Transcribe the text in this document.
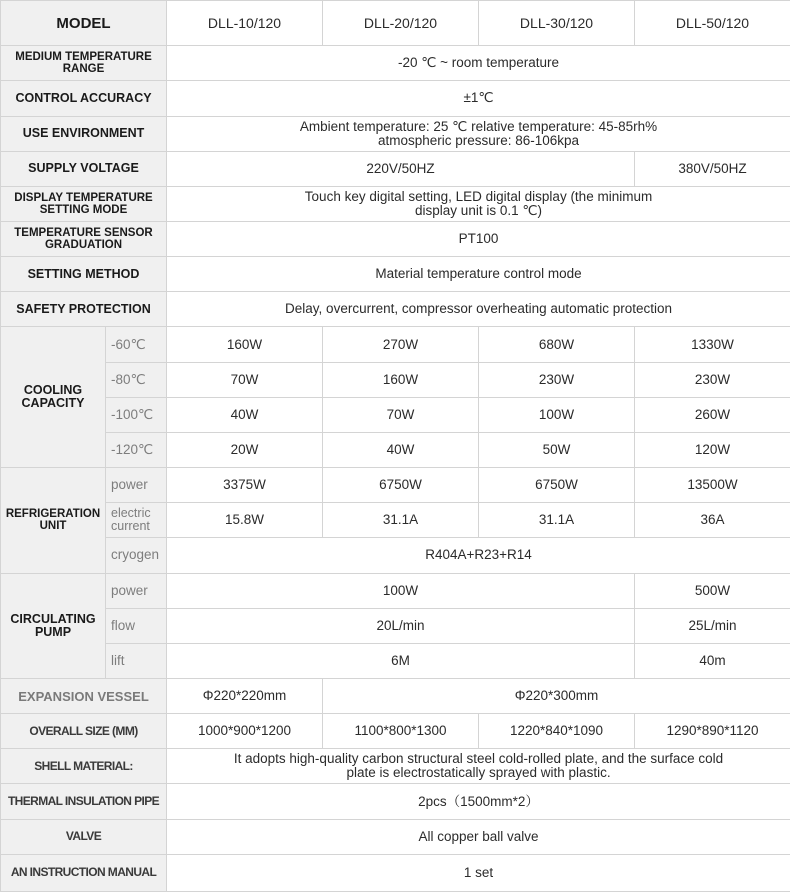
MODEL		DLL-10/120	DLL-20/120	DLL-30/120	DLL-50/120
MEDIUM TEMPERATURE RANGE		-20 ℃ ~ room temperature			
CONTROL ACCURACY		±1℃			
USE ENVIRONMENT		Ambient temperature: 25 ℃ relative temperature: 45-85rh%
atmospheric pressure: 86-106kpa			

SUPPLY VOLTAGE		220V/50HZ			380V/50HZ
DISPLAY TEMPERATURE SETTING MODE		Touch key digital setting, LED digital display (the minimum
display unit is 0.1 ℃)			

TEMPERATURE SENSOR GRADUATION		PT100			
SETTING METHOD		Material temperature control mode			
SAFETY PROTECTION		Delay, overcurrent, compressor overheating automatic protection			
COOLING CAPACITY	-60℃	160W	270W	680W	1330W
	-80℃	70W	160W	230W	230W
	-100℃	40W	70W	100W	260W
	-120℃	20W	40W	50W	120W
REFRIGERATION UNIT	power	3375W	6750W	6750W	13500W
	electric current	15.8W	31.1A	31.1A	36A
	cryogen	R404A+R23+R14			
CIRCULATING PUMP	power	100W			500W
	flow	20L/min			25L/min
	lift	6M			40m
EXPANSION VESSEL		Φ220*220mm	Φ220*300mm		
OVERALL SIZE (MM)		1000*900*1200	1100*800*1300	1220*840*1090	1290*890*1120
SHELL MATERIAL:		It adopts high-quality carbon structural steel cold-rolled plate, and the surface cold
plate is electrostatically sprayed with plastic.			

THERMAL INSULATION PIPE		2pcs（1500mm*2）			
VALVE		All copper ball valve			
AN INSTRUCTION MANUAL		1 set			
